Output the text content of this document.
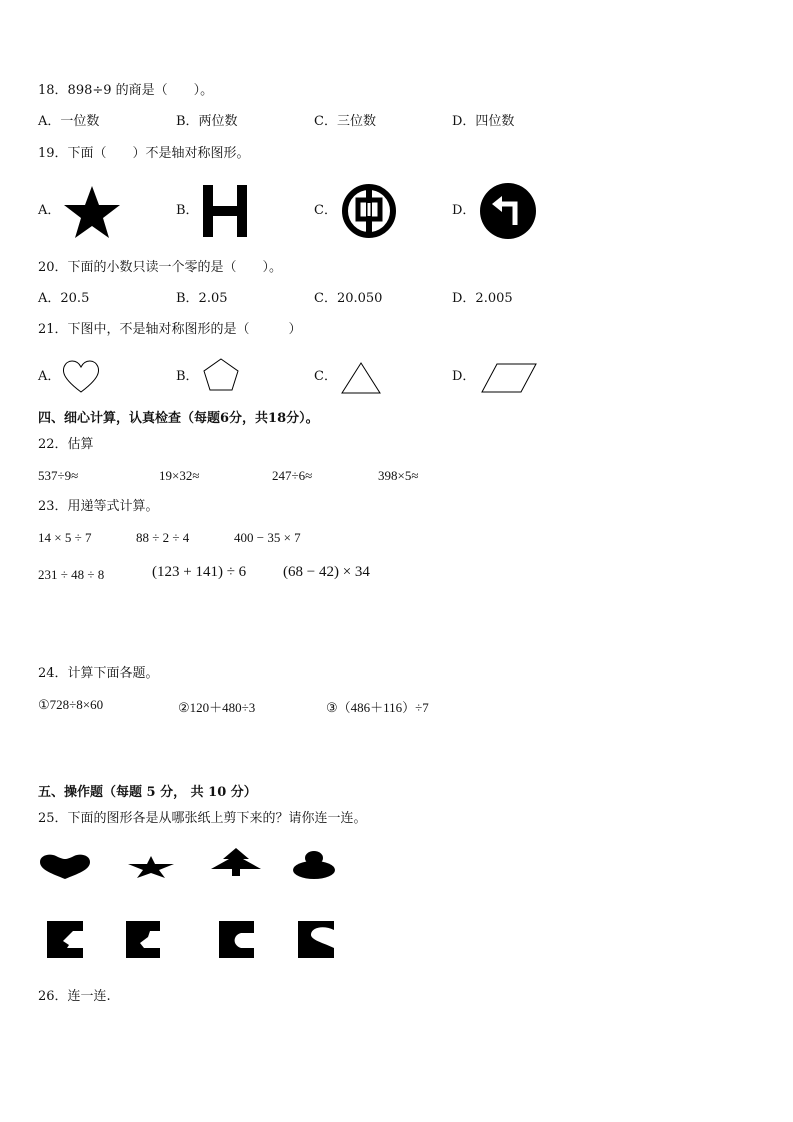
18．898÷9 的商是（　　）。
A．一位数	B．两位数	C．三位数	D．四位数
19．下面（　　）不是轴对称图形。
A．	B．	C．	D．
20．下面的小数只读一个零的是（　　）。
A．20.5	B．2.05	C．20.050	D．2.005
21．下图中，不是轴对称图形的是（　　　）
A．	B．	C．	D．
四、细心计算，认真检查（每题6分，共18分）。
22．估算
537÷9≈	19×32≈	247÷6≈	398×5≈
23．用递等式计算。
14 × 5 ÷ 7	88 ÷ 2 ÷ 4	400 − 35 × 7
231 ÷ 48 ÷ 8	(123 + 141) ÷ 6 (68 − 42) × 34
24．计算下面各题。
①728÷8×60	②120＋480÷3	③（486＋116）÷7
五、操作题（每题 5 分， 共 10 分）
25．下面的图形各是从哪张纸上剪下来的？请你连一连。
26．连一连.
